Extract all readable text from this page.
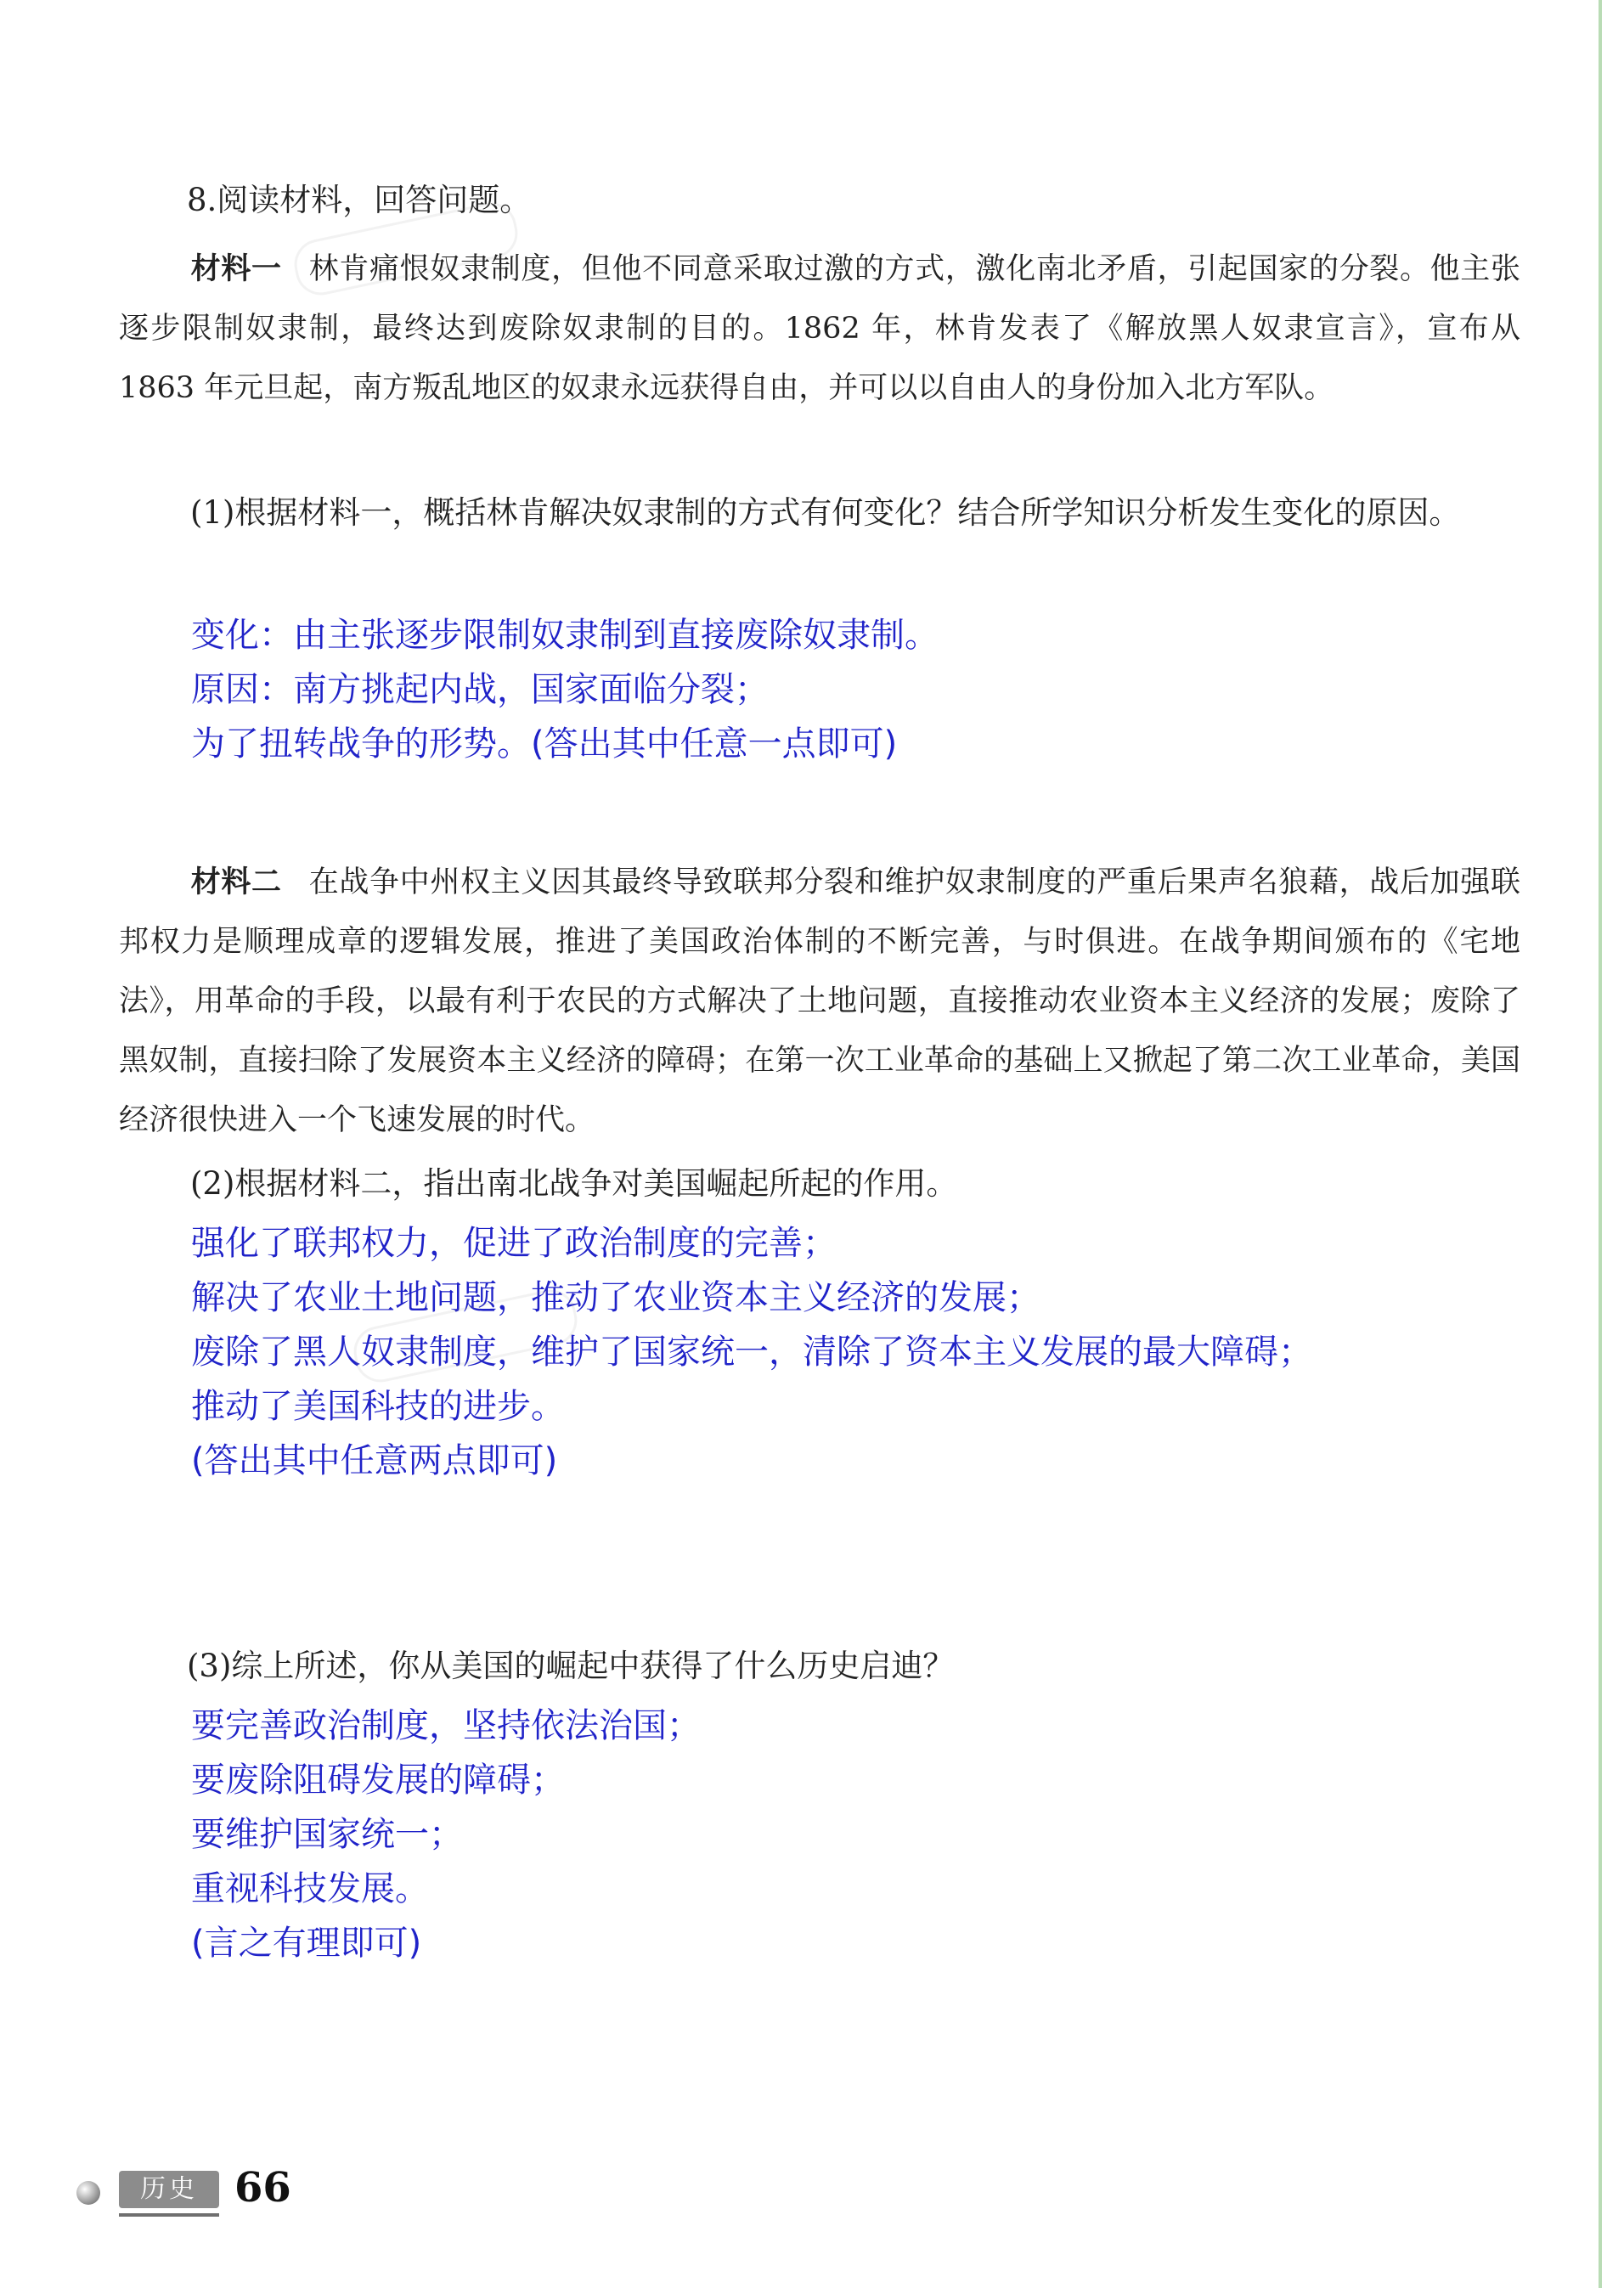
8.阅读材料，回答问题。
材料一 林肯痛恨奴隶制度，但他不同意采取过激的方式，激化南北矛盾，引起国家的分裂。他主张逐步限制奴隶制，最终达到废除奴隶制的目的。1862 年，林肯发表了《解放黑人奴隶宣言》，宣布从 1863 年元旦起，南方叛乱地区的奴隶永远获得自由，并可以以自由人的身份加入北方军队。
(1)根据材料一，概括林肯解决奴隶制的方式有何变化？结合所学知识分析发生变化的原因。
变化：由主张逐步限制奴隶制到直接废除奴隶制。
原因：南方挑起内战，国家面临分裂；
为了扭转战争的形势。(答出其中任意一点即可)
材料二 在战争中州权主义因其最终导致联邦分裂和维护奴隶制度的严重后果声名狼藉，战后加强联邦权力是顺理成章的逻辑发展，推进了美国政治体制的不断完善，与时俱进。在战争期间颁布的《宅地法》，用革命的手段，以最有利于农民的方式解决了土地问题，直接推动农业资本主义经济的发展；废除了黑奴制，直接扫除了发展资本主义经济的障碍；在第一次工业革命的基础上又掀起了第二次工业革命，美国经济很快进入一个飞速发展的时代。
(2)根据材料二，指出南北战争对美国崛起所起的作用。
强化了联邦权力，促进了政治制度的完善；
解决了农业土地问题，推动了农业资本主义经济的发展；
废除了黑人奴隶制度，维护了国家统一，清除了资本主义发展的最大障碍；
推动了美国科技的进步。
(答出其中任意两点即可)
(3)综上所述，你从美国的崛起中获得了什么历史启迪？
要完善政治制度，坚持依法治国；
要废除阻碍发展的障碍；
要维护国家统一；
重视科技发展。
(言之有理即可)
历史 66
